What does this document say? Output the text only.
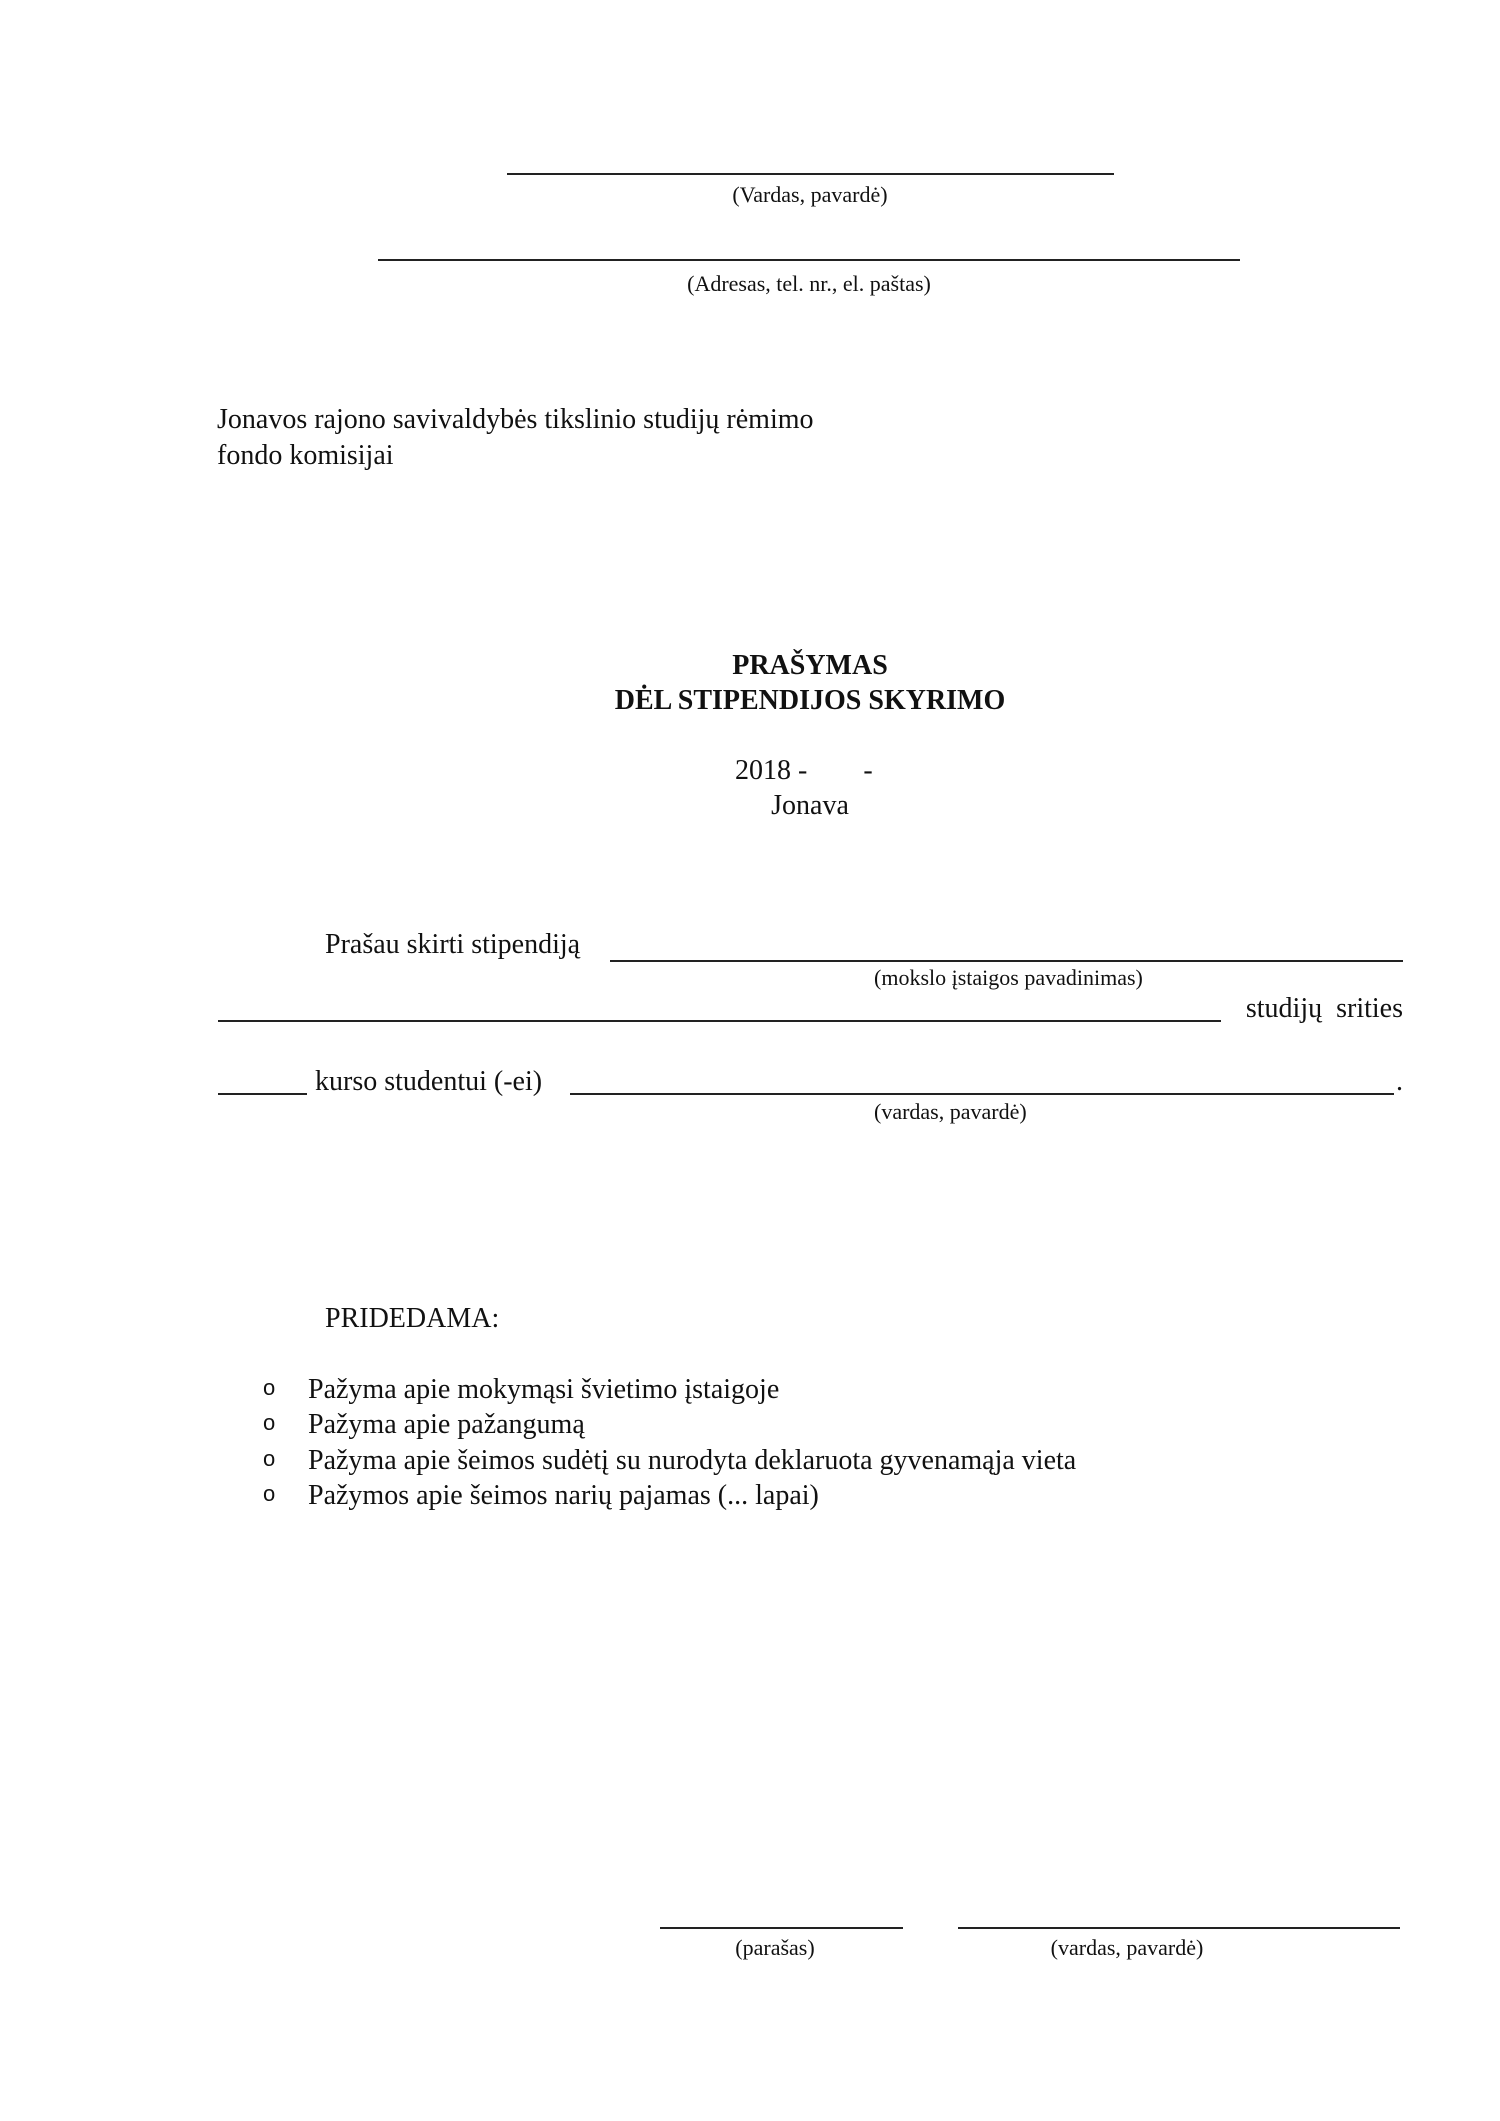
(Vardas, pavardė)
(Adresas, tel. nr., el. paštas)
Jonavos rajono savivaldybės tikslinio studijų rėmimo
fondo komisijai
PRAŠYMAS
DĖL STIPENDIJOS SKYRIMO
2018 -        -
Jonava
Prašau skirti stipendiją
(mokslo įstaigos pavadinimas)
studijų  srities
kurso studentui (-ei)	.
(vardas, pavardė)
PRIDEDAMA:
o Pažyma apie mokymąsi švietimo įstaigoje
o Pažyma apie pažangumą
o Pažyma apie šeimos sudėtį su nurodyta deklaruota gyvenamąja vieta
o Pažymos apie šeimos narių pajamas (... lapai)
(parašas)	(vardas, pavardė)
